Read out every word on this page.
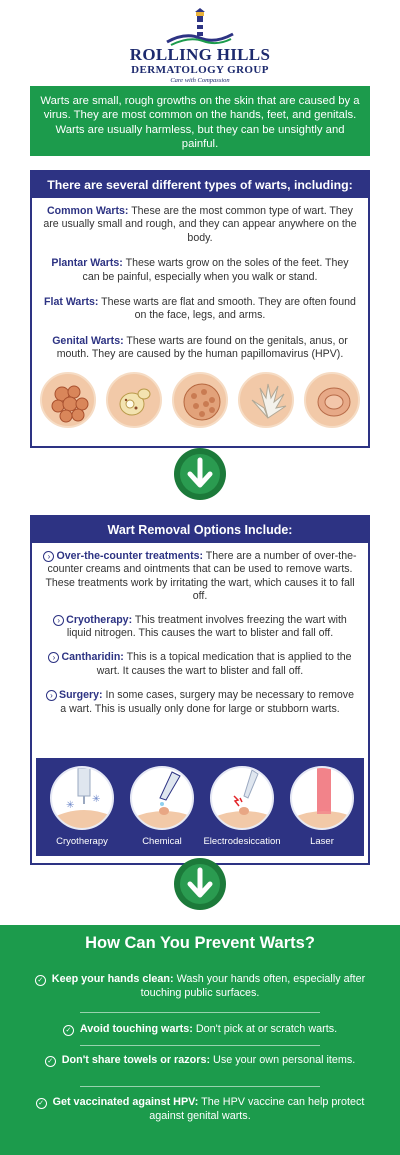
ROLLING HILLS
DERMATOLOGY GROUP
Care with Compassion
Warts are small, rough growths on the skin that are caused by a virus. They are most common on the hands, feet, and genitals. Warts are usually harmless, but they can be unsightly and painful.
There are several different types of warts, including:
Common Warts: These are the most common type of wart. They are usually small and rough, and they can appear anywhere on the body.
Plantar Warts: These warts grow on the soles of the feet. They can be painful, especially when you walk or stand.
Flat Warts: These warts are flat and smooth. They are often found on the face, legs, and arms.
Genital Warts: These warts are found on the genitals, anus, or mouth. They are caused by the human papillomavirus (HPV).
Wart Removal Options Include:
› Over-the-counter treatments: There are a number of over-the-counter creams and ointments that can be used to remove warts. These treatments work by irritating the wart, which causes it to fall off.
› Cryotherapy: This treatment involves freezing the wart with liquid nitrogen. This causes the wart to blister and fall off.
› Cantharidin: This is a topical medication that is applied to the wart. It causes the wart to blister and fall off.
› Surgery: In some cases, surgery may be necessary to remove a wart. This is usually only done for large or stubborn warts.
✳
✳
Cryotherapy	Chemical	Electrodesiccation	Laser
How Can You Prevent Warts?
✓ Keep your hands clean: Wash your hands often, especially after touching public surfaces.
✓ Avoid touching warts: Don't pick at or scratch warts.
✓ Don't share towels or razors: Use your own personal items.
✓ Get vaccinated against HPV: The HPV vaccine can help protect against genital warts.
